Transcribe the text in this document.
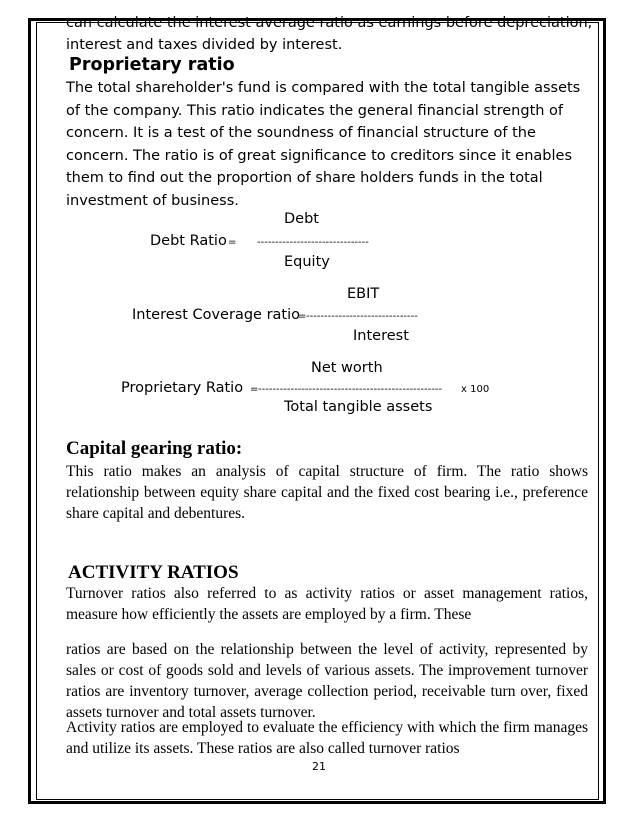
can calculate the interest average ratio as earnings before depreciation,
interest and taxes divided by interest.
Proprietary ratio

The total shareholder's fund is compared with the total tangible assets of the company. This ratio indicates the general financial strength of concern. It is a test of the soundness of financial structure of the concern. The ratio is of great significance to creditors since it enables them to find out the proportion of share holders funds in the total investment of business.

Debt
Debt Ratio = -------------------------------
Equity
EBIT
Interest Coverage ratio
= -------------------------------
Interest
Net worth
Proprietary Ratio = --------------------------------------------------- x 100
Total tangible assets
Capital gearing ratio:

This ratio makes an analysis of capital structure of firm. The ratio shows relationship between equity share capital and the fixed cost bearing i.e., preference share capital and debentures.

ACTIVITY RATIOS

Turnover ratios also referred to as activity ratios or asset management ratios, measure how efficiently the assets are employed by a firm. These

ratios are based on the relationship between the level of activity, represented by sales or cost of goods sold and levels of various assets. The improvement turnover ratios are inventory turnover, average collection period, receivable turn over, fixed assets turnover and total assets turnover.

Activity ratios are employed to evaluate the efficiency with which the firm manages and utilize its assets. These ratios are also called turnover ratios

21
